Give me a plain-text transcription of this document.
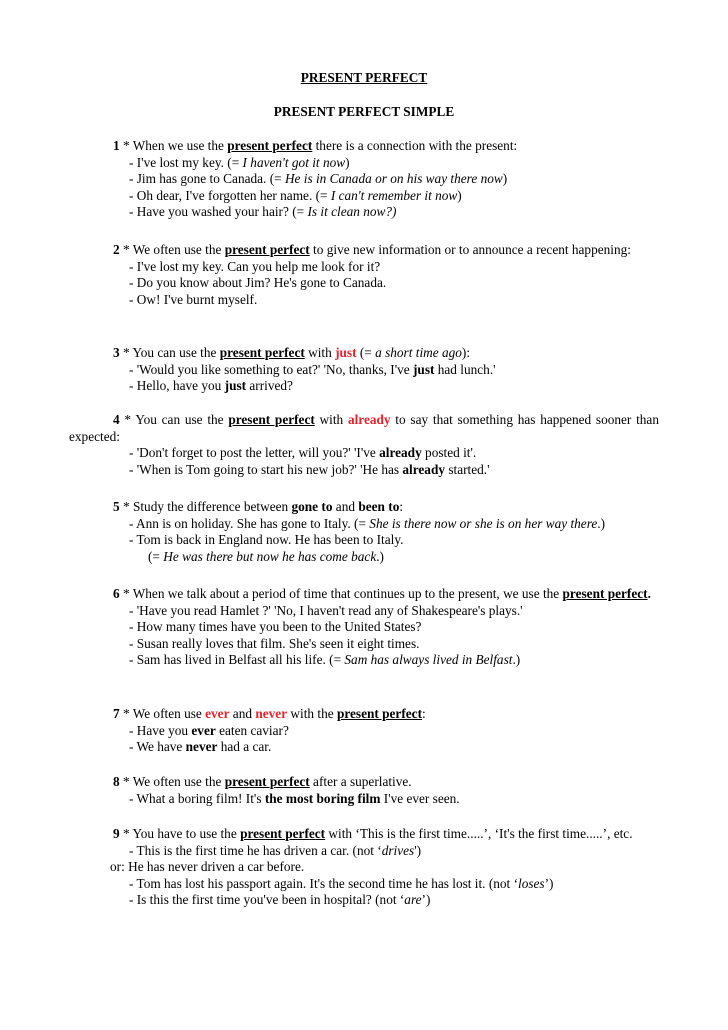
PRESENT PERFECT
PRESENT PERFECT SIMPLE
1 * When we use the present perfect there is a connection with the present:
- I've lost my key. (= I haven't got it now)
- Jim has gone to Canada. (= He is in Canada or on his way there now)
- Oh dear, I've forgotten her name. (= I can't remember it now)
- Have you washed your hair? (= Is it clean now?)
2 * We often use the present perfect to give new information or to announce a recent happening:
- I've lost my key. Can you help me look for it?
- Do you know about Jim? He's gone to Canada.
- Ow! I've burnt myself.
3 * You can use the present perfect with just (= a short time ago):
- 'Would you like something to eat?' 'No, thanks, I've just had lunch.'
- Hello, have you just arrived?
4 * You can use the present perfect with already to say that something has happened sooner than expected:
- 'Don't forget to post the letter, will you?' 'I've already posted it'.
- 'When is Tom going to start his new job?' 'He has already started.'
5 * Study the difference between gone to and been to:
- Ann is on holiday. She has gone to Italy. (= She is there now or she is on her way there.)
- Tom is back in England now. He has been to Italy.
(= He was there but now he has come back.)
6 * When we talk about a period of time that continues up to the present, we use the present perfect.
- 'Have you read Hamlet ?' 'No, I haven't read any of Shakespeare's plays.'
- How many times have you been to the United States?
- Susan really loves that film. She's seen it eight times.
- Sam has lived in Belfast all his life. (= Sam has always lived in Belfast.)
7 * We often use ever and never with the present perfect:
- Have you ever eaten caviar?
- We have never had a car.
8 * We often use the present perfect after a superlative.
- What a boring film! It's the most boring film I've ever seen.
9 * You have to use the present perfect with ‘This is the first time.....’, ‘It's the first time.....’, etc.
- This is the first time he has driven a car. (not ‘drives')
or: He has never driven a car before.
- Tom has lost his passport again. It's the second time he has lost it. (not ‘loses’)
- Is this the first time you've been in hospital? (not ‘are’)
